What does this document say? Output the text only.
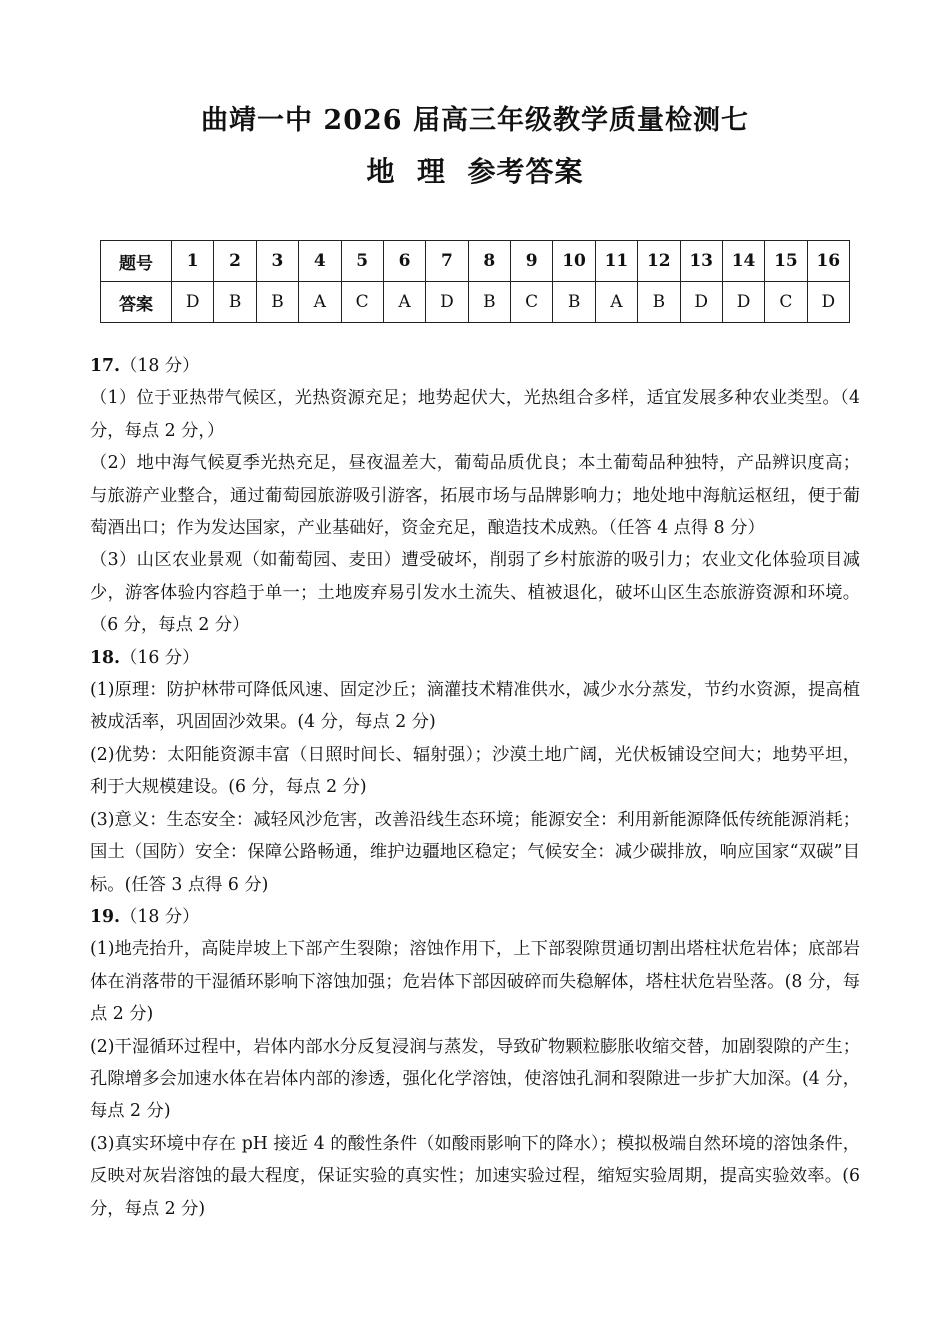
曲靖一中 2026 届高三年级教学质量检测七
地  理  参考答案
题号	1	2	3	4	5	6	7	8	9	10	11	12	13	14	15	16
答案	D	B	B	A	C	A	D	B	C	B	A	B	D	D	C	D

17.（18 分）

（1）位于亚热带气候区，光热资源充足；地势起伏大，光热组合多样，适宜发展多种农业类型。（4 分，每点 2 分，）

（2）地中海气候夏季光热充足，昼夜温差大，葡萄品质优良；本土葡萄品种独特，产品辨识度高；与旅游产业整合，通过葡萄园旅游吸引游客，拓展市场与品牌影响力；地处地中海航运枢纽，便于葡萄酒出口；作为发达国家，产业基础好，资金充足，酿造技术成熟。（任答 4 点得 8 分）

（3）山区农业景观（如葡萄园、麦田）遭受破坏，削弱了乡村旅游的吸引力；农业文化体验项目减少，游客体验内容趋于单一；土地废弃易引发水土流失、植被退化，破坏山区生态旅游资源和环境。（6 分，每点 2 分）

18.（16 分）

(1)原理：防护林带可降低风速、固定沙丘；滴灌技术精准供水，减少水分蒸发，节约水资源，提高植被成活率，巩固固沙效果。(4 分，每点 2 分)

(2)优势：太阳能资源丰富（日照时间长、辐射强）；沙漠土地广阔，光伏板铺设空间大；地势平坦，利于大规模建设。(6 分，每点 2 分)

(3)意义：生态安全：减轻风沙危害，改善沿线生态环境；能源安全：利用新能源降低传统能源消耗；国土（国防）安全：保障公路畅通，维护边疆地区稳定；气候安全：减少碳排放，响应国家“双碳”目标。(任答 3 点得 6 分)

19.（18 分）

(1)地壳抬升，高陡岸坡上下部产生裂隙；溶蚀作用下，上下部裂隙贯通切割出塔柱状危岩体；底部岩体在消落带的干湿循环影响下溶蚀加强；危岩体下部因破碎而失稳解体，塔柱状危岩坠落。(8 分，每点 2 分)

(2)干湿循环过程中，岩体内部水分反复浸润与蒸发，导致矿物颗粒膨胀收缩交替，加剧裂隙的产生；孔隙增多会加速水体在岩体内部的渗透，强化化学溶蚀，使溶蚀孔洞和裂隙进一步扩大加深。(4 分，每点 2 分)

(3)真实环境中存在 pH 接近 4 的酸性条件（如酸雨影响下的降水）；模拟极端自然环境的溶蚀条件，反映对灰岩溶蚀的最大程度，保证实验的真实性；加速实验过程，缩短实验周期，提高实验效率。(6 分，每点 2 分)
